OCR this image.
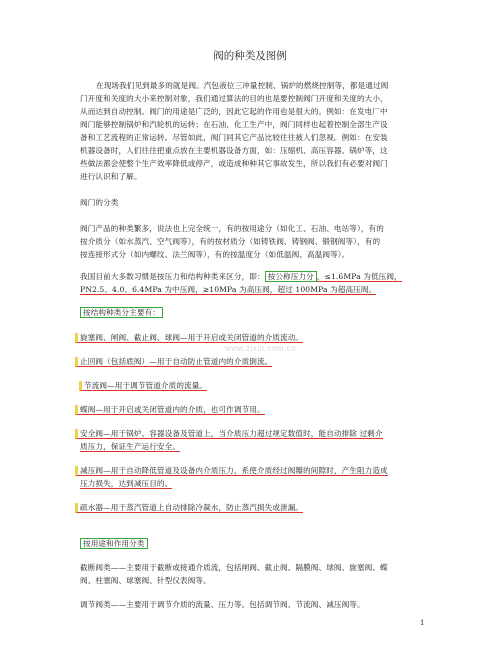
阀的种类及图例
在现场我们见到最多的就是阀。汽包液位三冲量控制、锅炉的燃烧控制等，都是通过阀
门开度和关度的大小来控制对象，我们通过算法的目的也是要控制阀门开度和关度的大小，
从而达到自动控制。阀门的用途是广泛的，因此它起的作用也是很大的。例如：在发电厂中
阀门能够控制锅炉和汽轮机的运转；在石油、化工生产中，阀门同样也起着控制全部生产设
备和工艺流程的正常运转。尽管如此，阀门同其它产品比较往往被人们忽视。例如：在安装
机器设备时，人们往往把重点放在主要机器设备方面，如：压缩机、高压容器、锅炉等，这
些做法都会使整个生产效率降低或停产，或造成种种其它事故发生，所以我们有必要对阀门
进行认识和了解。
阀门的分类
阀门产品的种类繁多，说法也上完全统一，有的按用途分（如化工、石油、电站等），有的
按介质分（如水蒸汽、空气阀等），有的按材质分（如铸铁阀、铸钢阀、锻钢阀等），有的
按连接形式分（如内螺纹、法兰阀等），有的按温度分（如低温阀、高温阀等）。
我国目前大多数习惯是按压力和结构种类来区分，即： 按公称压力分 ，≤1.6MPa 为低压阀，
PN2.5、4.0、6.4MPa 为中压阀，≥10MPa 为高压阀，超过 100MPa 为超高压阀。
按结构种类分主要有：
旋塞阀、闸阀、截止阀、球阀—用于开启或关闭管道的介质流动。
止回阀（包括底阀）—用于自动防止管道内的介质倒流。
节流阀—用于调节管道介质的流量。
蝶阀—用于开启或关闭管道内的介质，也可作调节用。
安全阀—用于锅炉、容器设备及管道上，当介质压力超过规定数值时，能自动排除 过剩介
质压力，保证生产运行安全。
减压阀—用于自动降低管道及设备内介质压力，系使介质经过阀瓣的间隙时，产生阻力造成
压力损失，达到减压目的。
疏水器—用于蒸汽管道上自动排除冷凝水，防止蒸汽损失或泄漏。
按用途和作用分类
截断阀类——主要用于截断或接通介质流，包括闸阀、截止阀、隔膜阀、球阀、旋塞阀、蝶
阀、柱塞阀、球塞阀、针型仪表阀等。
调节阀类——主要用于调节介质的流量、压力等。包括调节阀、节流阀、减压阀等。
www.zixin.com.cn
1
